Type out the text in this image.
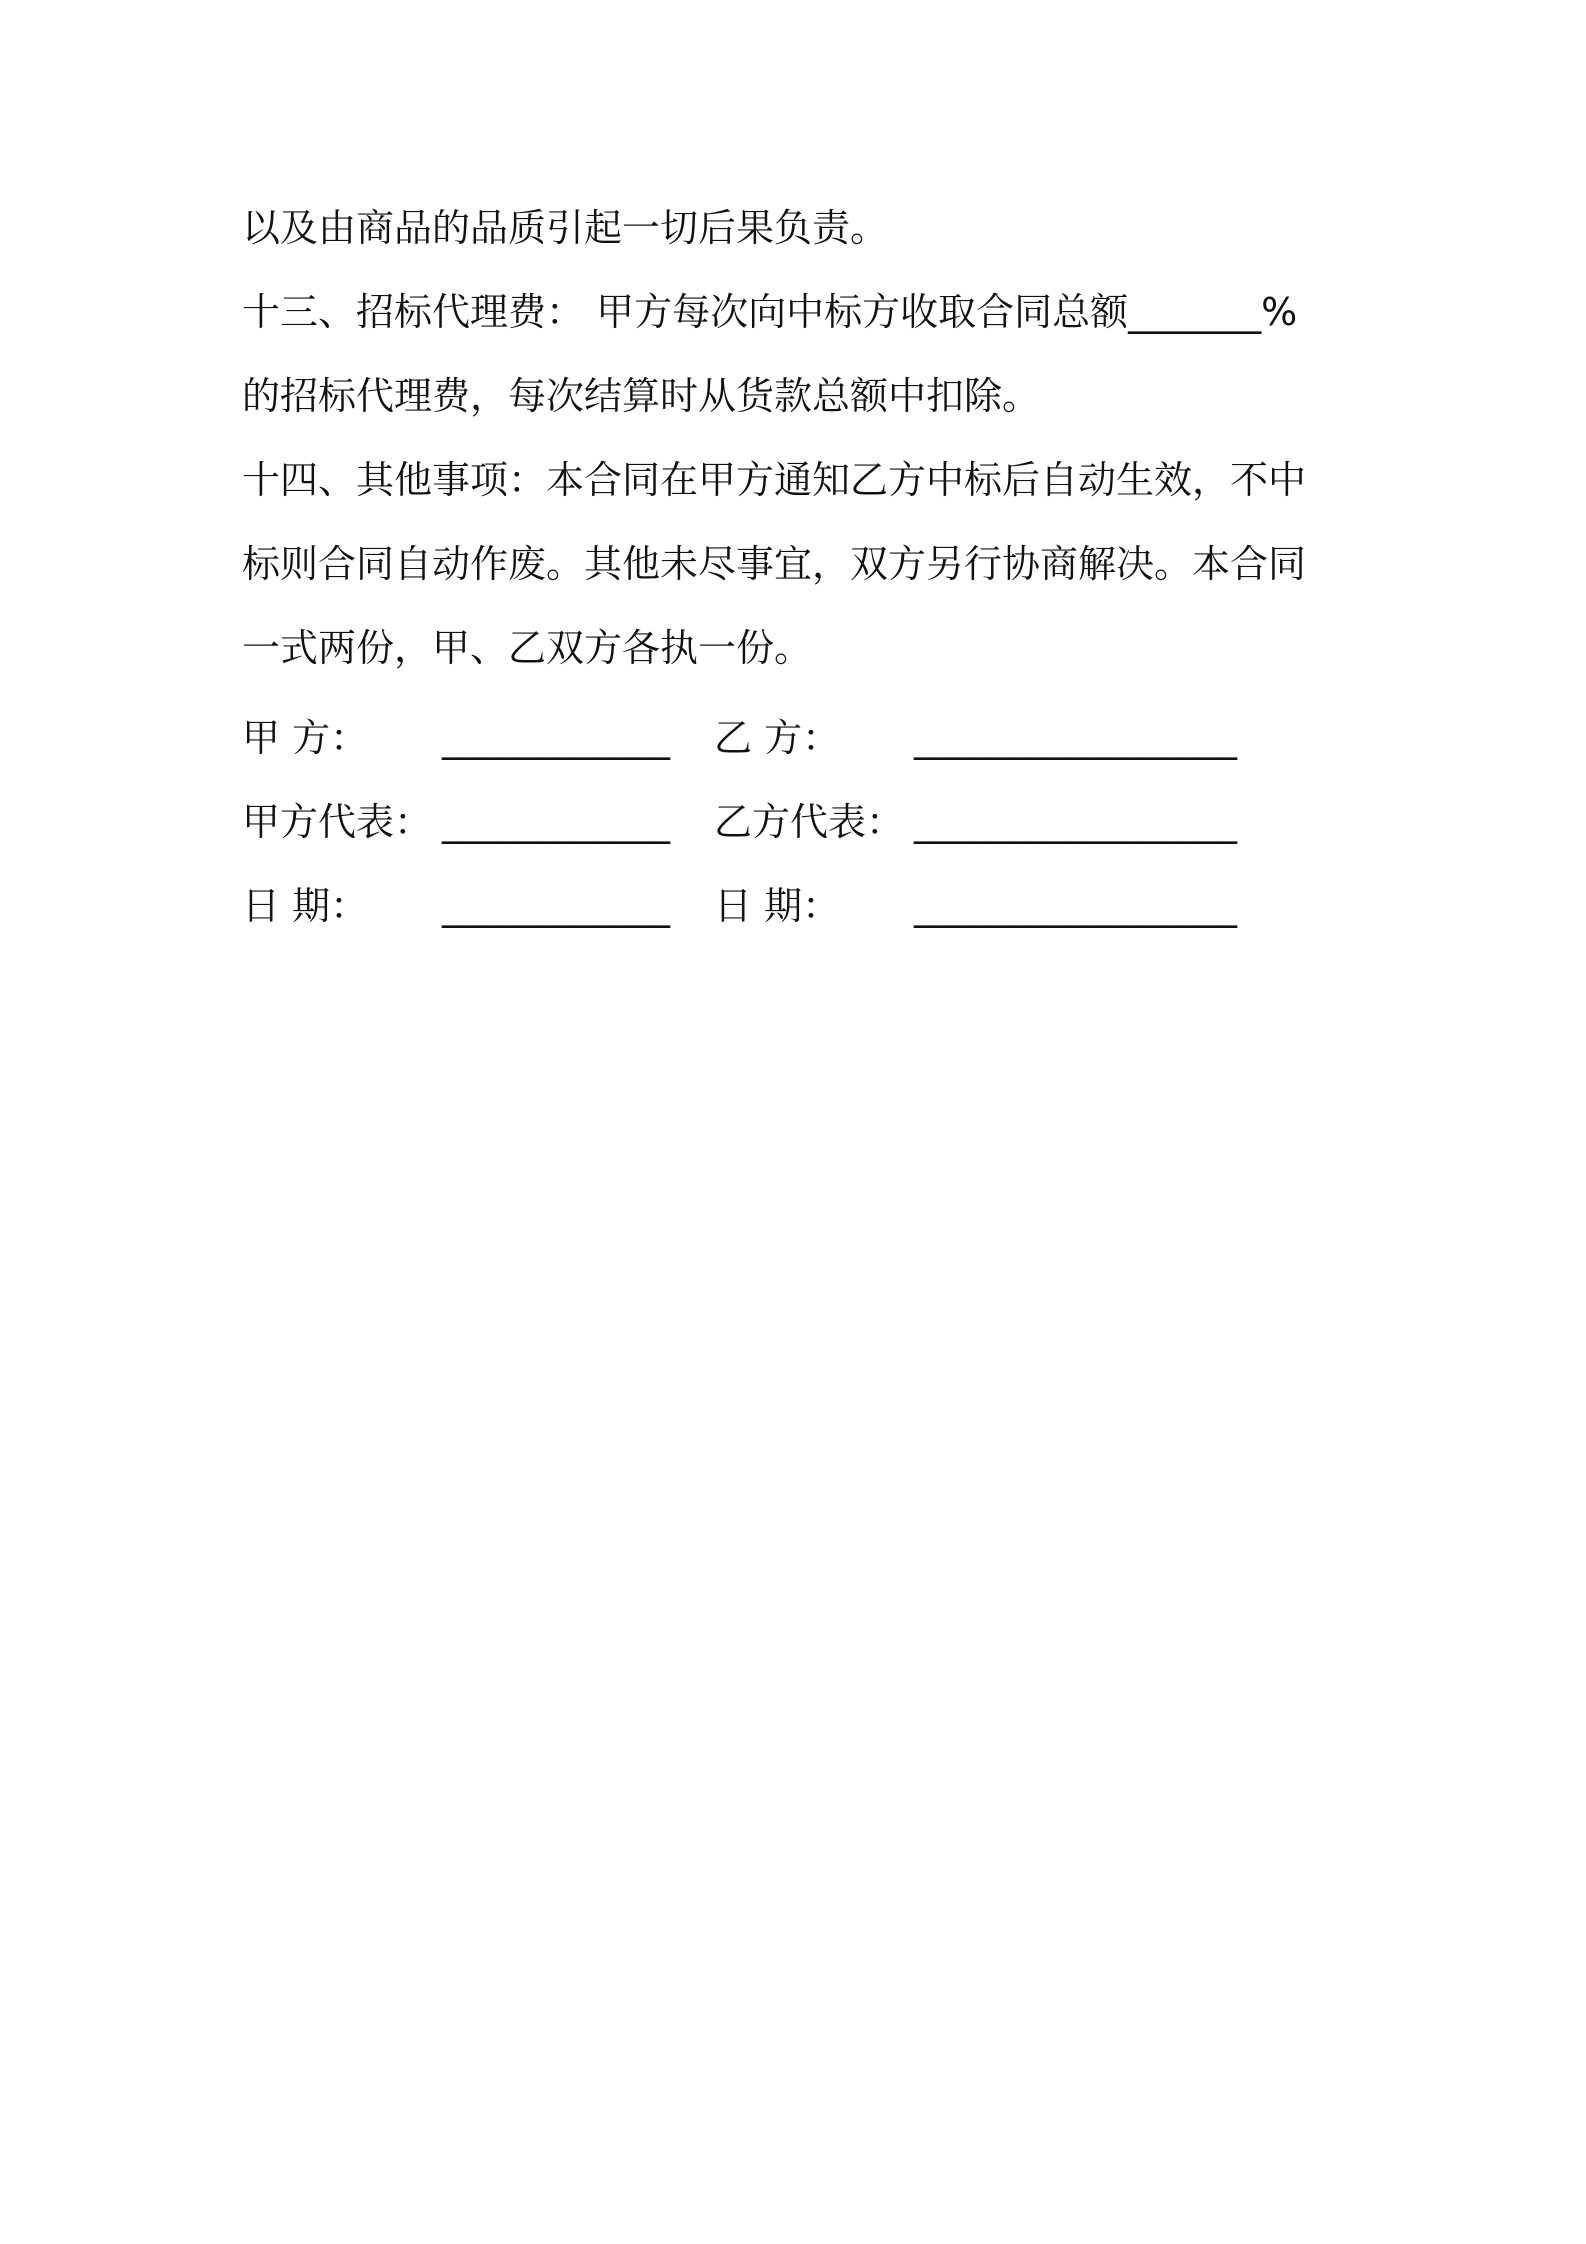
以及由商品的品质引起一切后果负责。
十三、招标代理费： 甲方每次向中标方收取合同总额_______%
的招标代理费，每次结算时从货款总额中扣除。
十四、其他事项：本合同在甲方通知乙方中标后自动生效，不中
标则合同自动作废。其他未尽事宜，双方另行协商解决。本合同
一式两份，甲、乙双方各执一份。
甲 方： ____________ 乙 方： _________________
甲方代表： ____________ 乙方代表： _________________
日 期： ____________ 日 期： _________________
